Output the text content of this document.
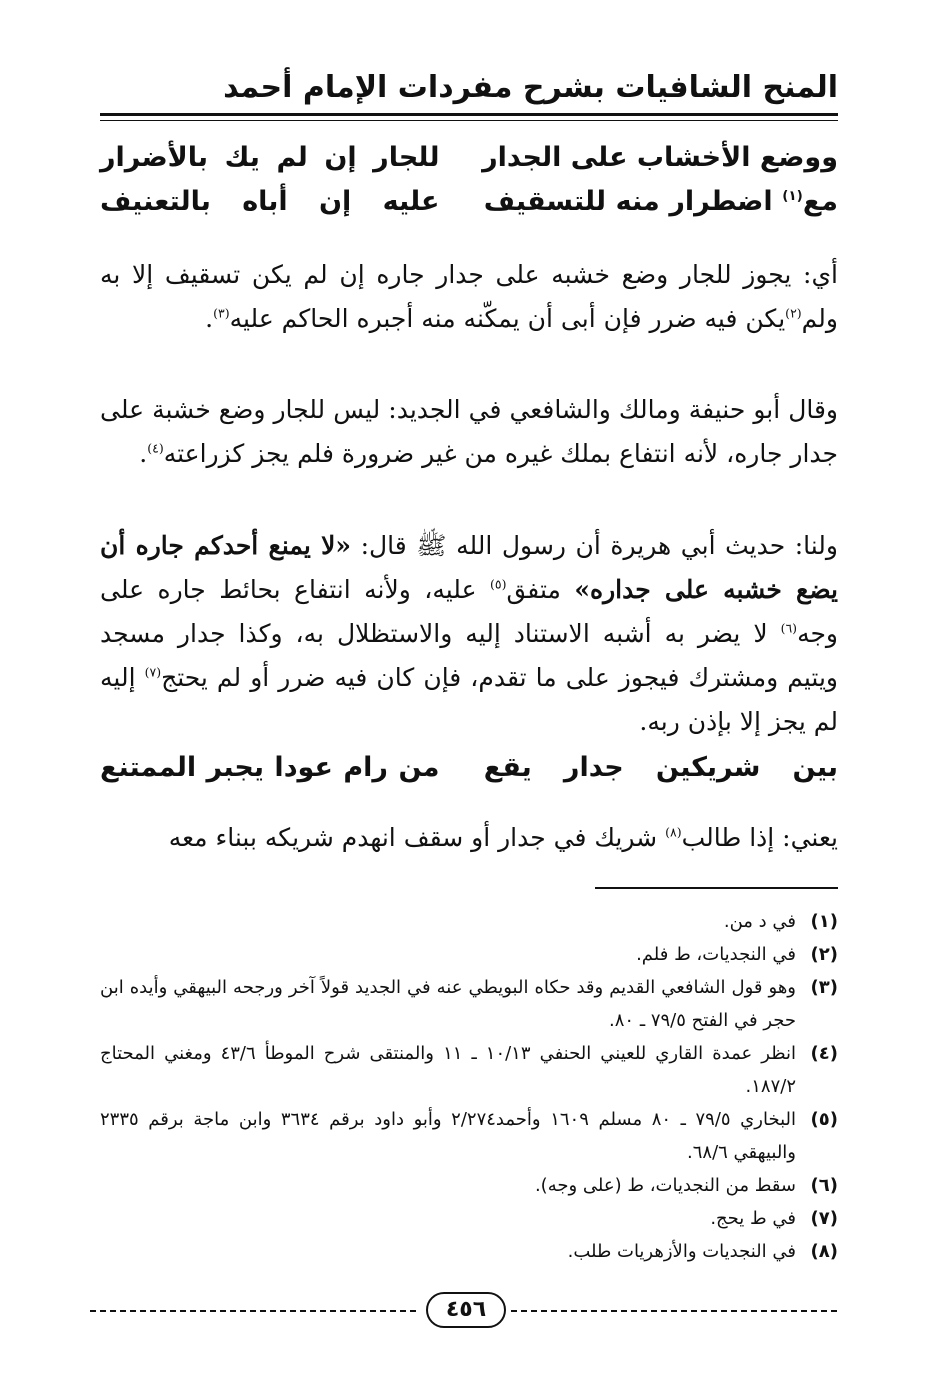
المنح الشافيات بشرح مفردات الإمام أحمد
ووضع الأخشاب على الجدار
للجار إن لم يك بالأضرار
مع$^{(١)}$ اضطرار منه للتسقيف
عليه إن أباه بالتعنيف
أي: يجوز للجار وضع خشبه على جدار جاره إن لم يكن تسقيف إلا به ولم$^{(٢)}$يكن فيه ضرر فإن أبى أن يمكّنه منه أجبره الحاكم عليه$^{(٣)}$.
وقال أبو حنيفة ومالك والشافعي في الجديد: ليس للجار وضع خشبة على جدار جاره، لأنه انتفاع بملك غيره من غير ضرورة فلم يجز كزراعته$^{(٤)}$.
ولنا: حديث أبي هريرة أن رسول الله ﷺ قال: «لا يمنع أحدكم جاره أن يضع خشبه على جداره» متفق$^{(٥)}$ عليه، ولأنه انتفاع بحائط جاره على وجه$^{(٦)}$ لا يضر به أشبه الاستناد إليه والاستظلال به، وكذا جدار مسجد ويتيم ومشترك فيجوز على ما تقدم، فإن كان فيه ضرر أو لم يحتج$^{(٧)}$ إليه لم يجز إلا بإذن ربه.
بين شريكين جدار يقع
من رام عودا يجبر الممتنع
يعني: إذا طالب$^{(٨)}$ شريك في جدار أو سقف انهدم شريكه ببناء معه
(١)
في د من.
(٢)
في النجديات، ط فلم.
(٣)
وهو قول الشافعي القديم وقد حكاه البويطي عنه في الجديد قولاً آخر ورجحه البيهقي وأيده ابن حجر في الفتح ٧٩/٥ ـ ٨٠.
(٤)
انظر عمدة القاري للعيني الحنفي ١٠/١٣ ـ ١١ والمنتقى شرح الموطأ ٤٣/٦ ومغني المحتاج ١٨٧/٢.
(٥)
البخاري ٧٩/٥ ـ ٨٠ مسلم ١٦٠٩ وأحمد٢/٢٧٤ وأبو داود برقم ٣٦٣٤ وابن ماجة برقم ٢٣٣٥ والبيهقي ٦٨/٦.
(٦)
سقط من النجديات، ط (على وجه).
(٧)
في ط يحج.
(٨)
في النجديات والأزهريات طلب.
٤٥٦
